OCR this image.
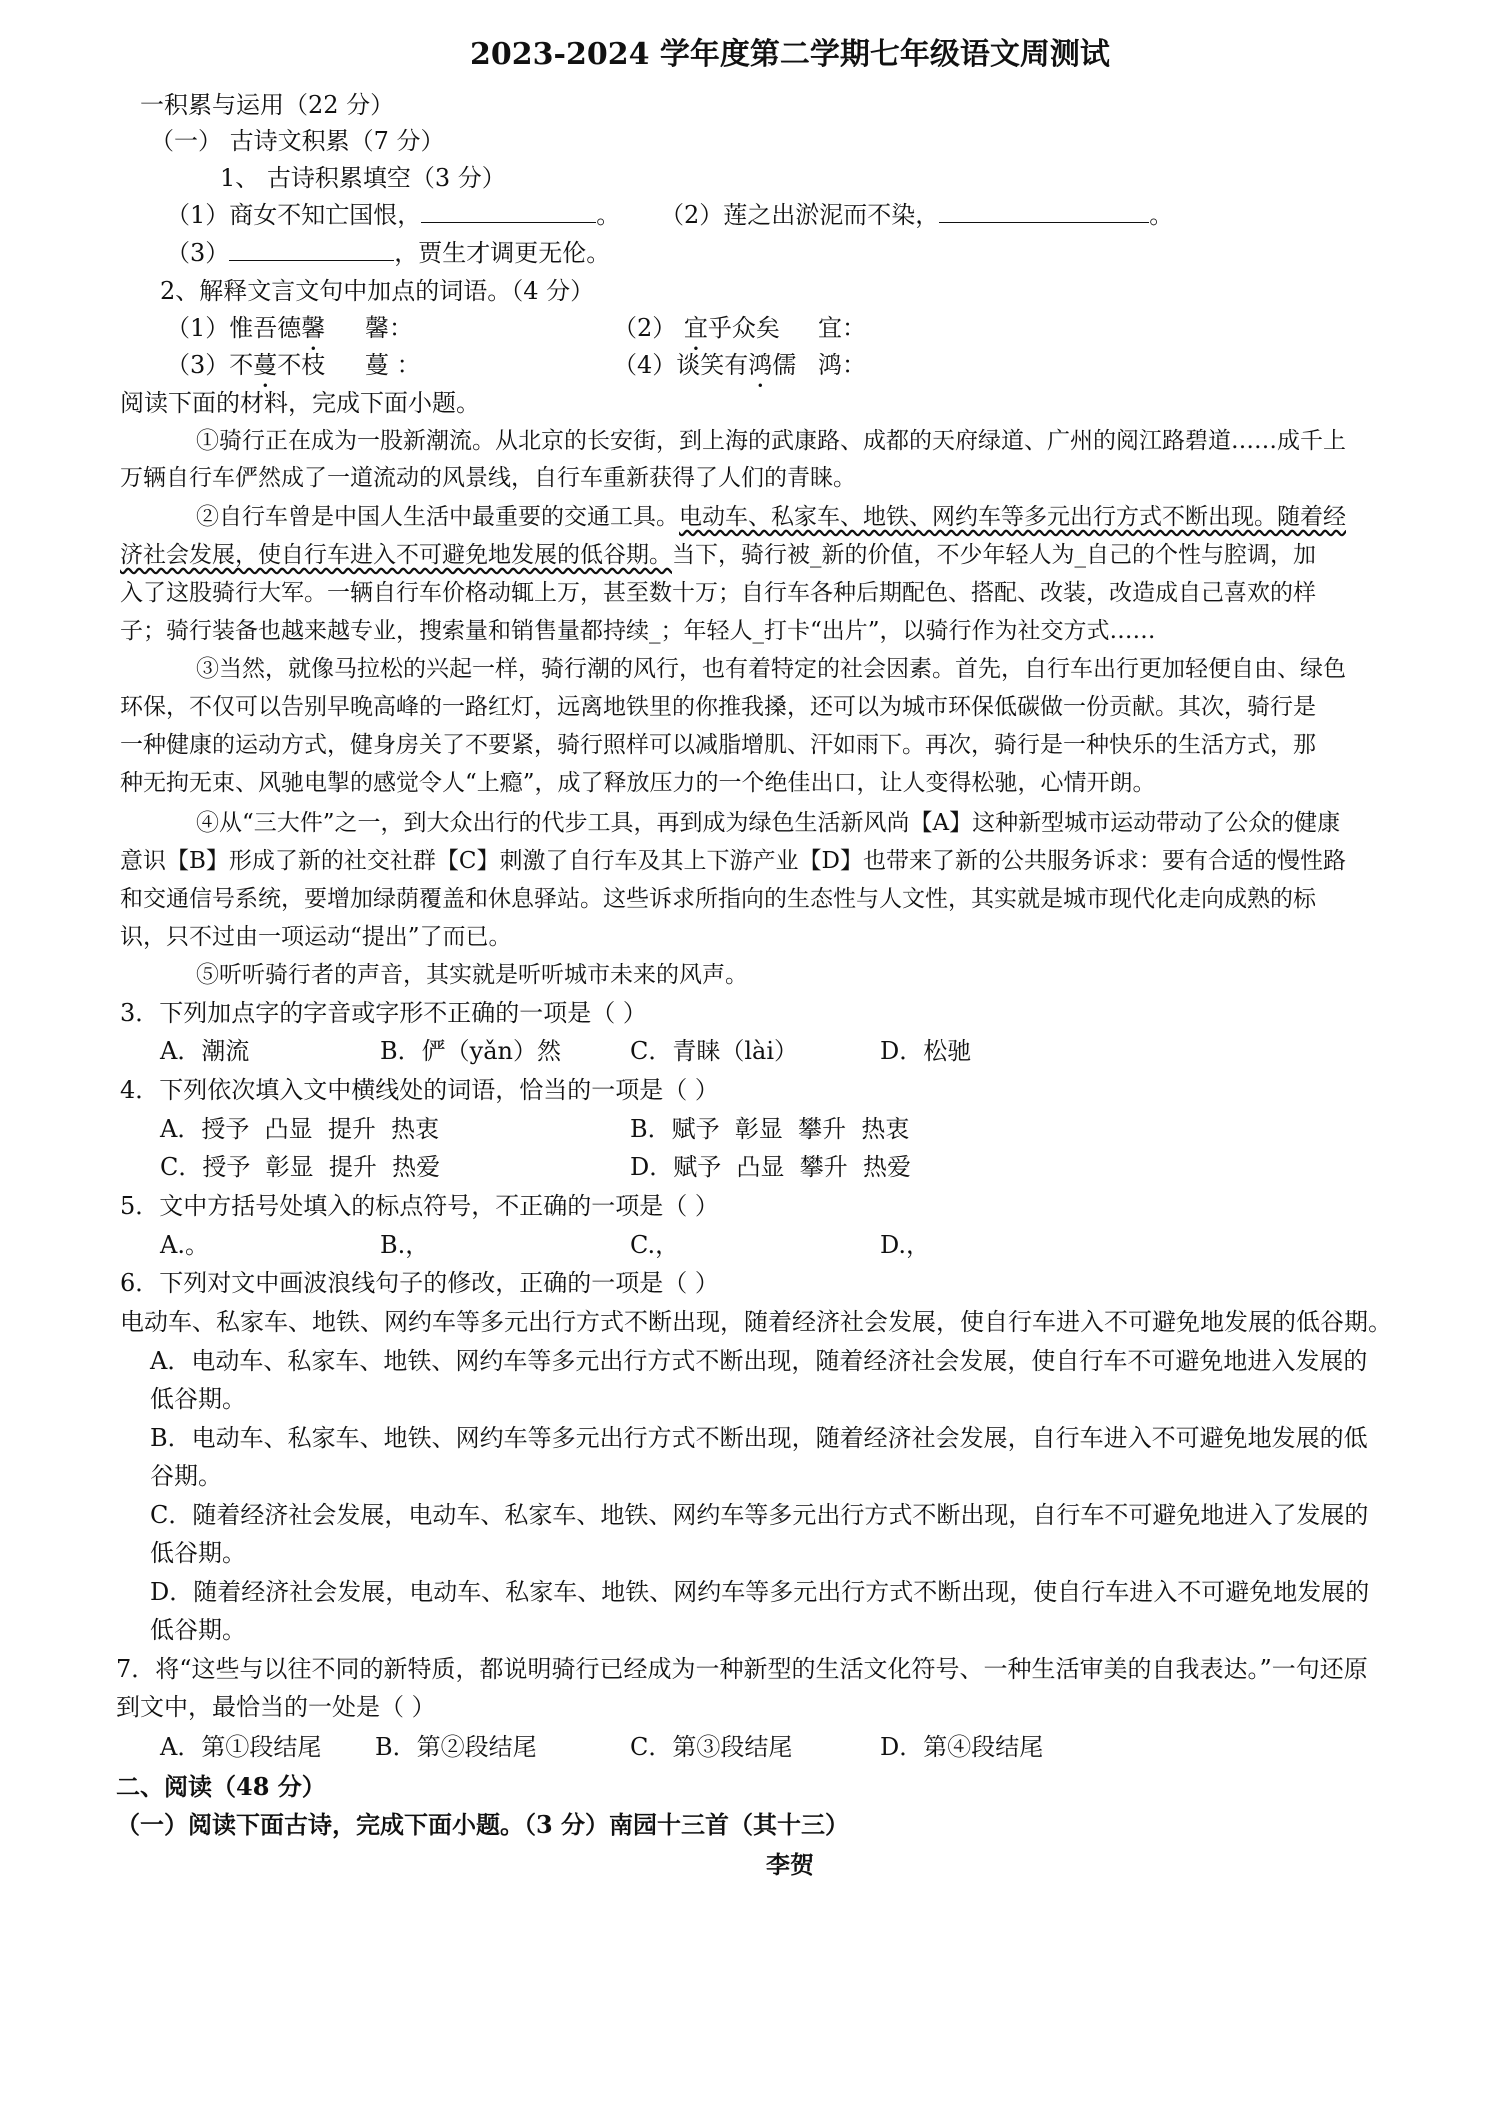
2023-2024 学年度第二学期七年级语文周测试
一积累与运用（22 分）
（一） 古诗文积累（7 分）
1、 古诗积累填空（3 分）
（1）商女不知亡国恨，	。 （2）莲之出淤泥而不染，	。
（3）	，贾生才调更无伦。
2、解释文言文句中加点的词语。（4 分）
（1）惟吾德馨 馨：	（2） 宜乎众矣 宜：
（3）不蔓不枝 蔓 ：	（4）谈笑有鸿儒 鸿：
阅读下面的材料，完成下面小题。
①骑行正在成为一股新潮流。从北京的长安街，到上海的武康路、成都的天府绿道、广州的阅江路碧道……成千上
万辆自行车俨然成了一道流动的风景线，自行车重新获得了人们的青睐。
②自行车曾是中国人生活中最重要的交通工具。电动车、私家车、地铁、网约车等多元出行方式不断出现。随着经
济社会发展，使自行车进入不可避免地发展的低谷期。当下，骑行被_新的价值，不少年轻人为_自己的个性与腔调，加
入了这股骑行大军。一辆自行车价格动辄上万，甚至数十万；自行车各种后期配色、搭配、改装，改造成自己喜欢的样
子；骑行装备也越来越专业，搜索量和销售量都持续_；年轻人_打卡“出片”，以骑行作为社交方式……
③当然，就像马拉松的兴起一样，骑行潮的风行，也有着特定的社会因素。首先，自行车出行更加轻便自由、绿色
环保，不仅可以告别早晚高峰的一路红灯，远离地铁里的你推我搡，还可以为城市环保低碳做一份贡献。其次，骑行是
一种健康的运动方式，健身房关了不要紧，骑行照样可以减脂增肌、汗如雨下。再次，骑行是一种快乐的生活方式，那
种无拘无束、风驰电掣的感觉令人“上瘾”，成了释放压力的一个绝佳出口，让人变得松驰，心情开朗。
④从“三大件”之一，到大众出行的代步工具，再到成为绿色生活新风尚【A】这种新型城市运动带动了公众的健康
意识【B】形成了新的社交社群【C】刺激了自行车及其上下游产业【D】也带来了新的公共服务诉求：要有合适的慢性路
和交通信号系统，要增加绿荫覆盖和休息驿站。这些诉求所指向的生态性与人文性，其实就是城市现代化走向成熟的标
识，只不过由一项运动“提出”了而已。
⑤听听骑行者的声音，其实就是听听城市未来的风声。
3．下列加点字的字音或字形不正确的一项是（ ）
A．潮流	B．俨（yǎn）然	C．青睐（lài）	D．松驰
4．下列依次填入文中横线处的词语，恰当的一项是（ ）
A．授予  凸显  提升  热衷	B．赋予  彰显  攀升  热衷
C．授予  彰显  提升  热爱	D．赋予  凸显  攀升  热爱
5．文中方括号处填入的标点符号，不正确的一项是（ ）
A.。	B.，	C.，	D.，
6．下列对文中画波浪线句子的修改，正确的一项是（ ）
电动车、私家车、地铁、网约车等多元出行方式不断出现，随着经济社会发展，使自行车进入不可避免地发展的低谷期。
A．电动车、私家车、地铁、网约车等多元出行方式不断出现，随着经济社会发展，使自行车不可避免地进入发展的
低谷期。
B．电动车、私家车、地铁、网约车等多元出行方式不断出现，随着经济社会发展，自行车进入不可避免地发展的低
谷期。
C．随着经济社会发展，电动车、私家车、地铁、网约车等多元出行方式不断出现，自行车不可避免地进入了发展的
低谷期。
D．随着经济社会发展，电动车、私家车、地铁、网约车等多元出行方式不断出现，使自行车进入不可避免地发展的
低谷期。
7．将“这些与以往不同的新特质，都说明骑行已经成为一种新型的生活文化符号、一种生活审美的自我表达。”一句还原
到文中，最恰当的一处是（ ）
A．第①段结尾 B．第②段结尾	C．第③段结尾	D．第④段结尾
二、阅读（48 分）
（一）阅读下面古诗，完成下面小题。（3 分）南园十三首（其十三）
李贺
